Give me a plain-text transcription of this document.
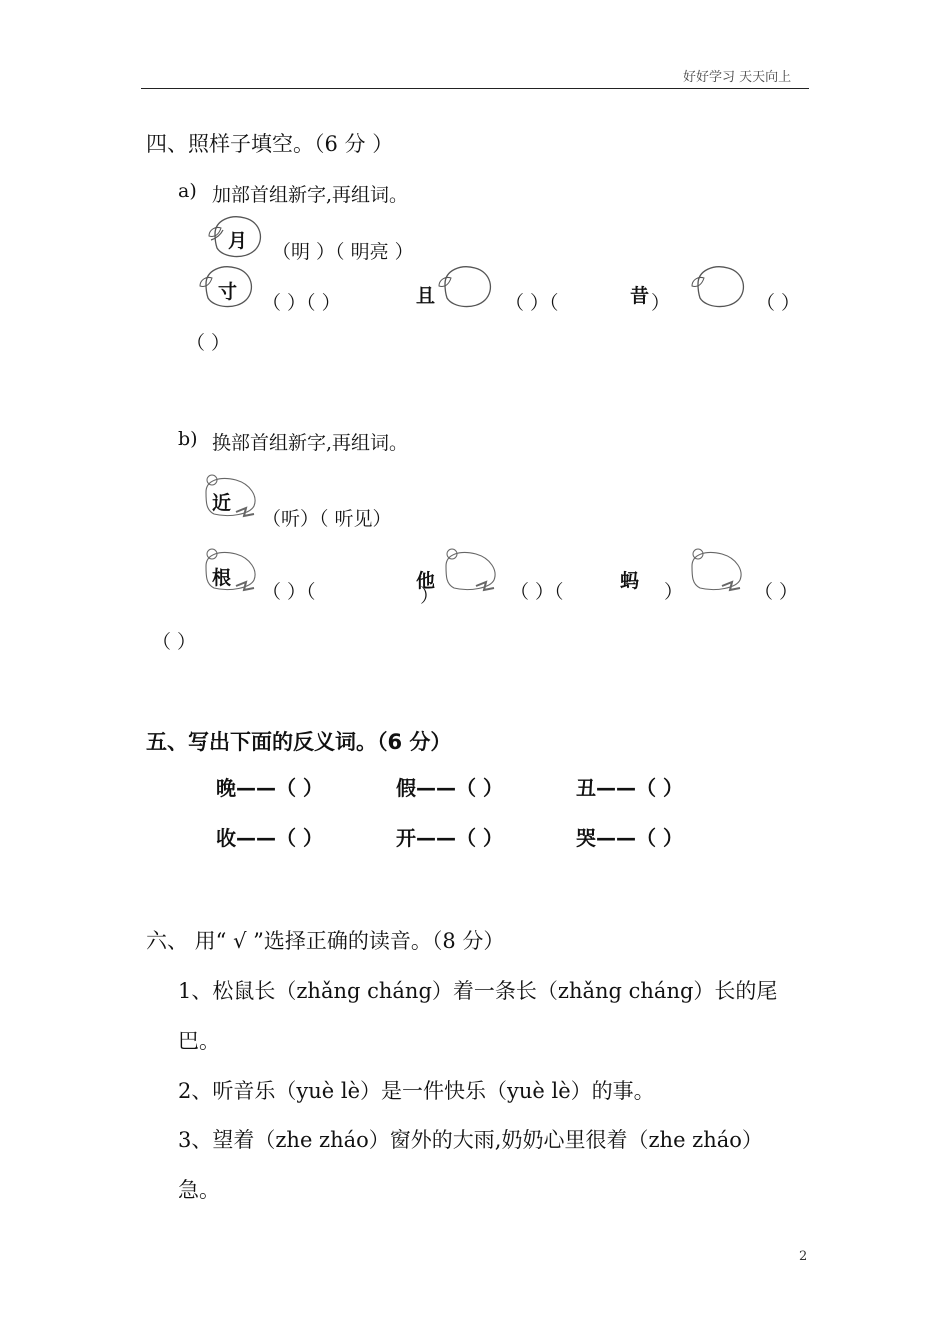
好好学习 天天向上
四、照样子填空。（6 分 ）
a) 加部首组新字,再组词。
月 （明 ）（ 明亮 ）
寸 （ ）（ ）	且	（ ）（	昔 ）	（ ）
（ ）
b) 换部首组新字,再组词。
近
（听）（ 听见）
根
（ ）（	他
）	（ ）（	蚂 ）	（ ）
（ ）
五、写出下面的反义词。（6 分）
晚——（ ）	假——（ ）	丑——（ ）
收——（ ）	开——（ ）	哭——（ ）
六、 用“ √ ”选择正确的读音。（8 分）
1、松鼠长（zhǎng cháng）着一条长（zhǎng cháng）长的尾
巴。
2、听音乐（yuè lè）是一件快乐（yuè lè）的事。
3、望着（zhe zháo）窗外的大雨,奶奶心里很着（zhe zháo）
急。
2
